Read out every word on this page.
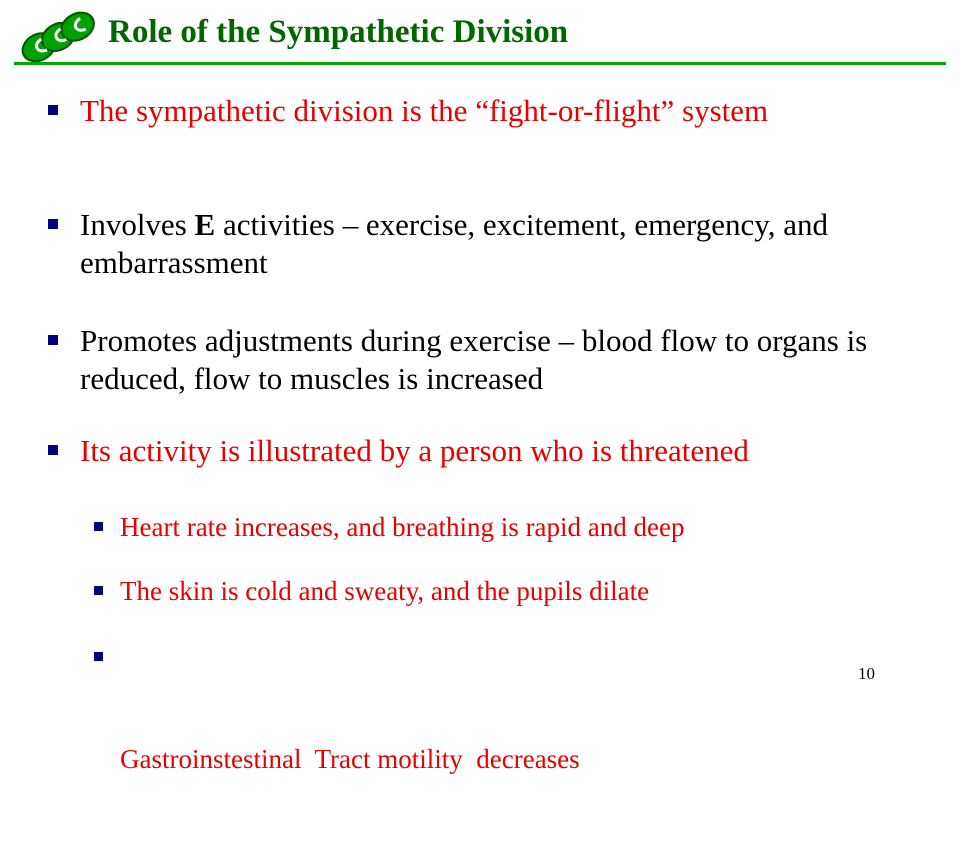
Role of the Sympathetic Division
The sympathetic division is the “fight-or-flight” system
Involves E activities – exercise, excitement, emergency, and embarrassment
Promotes adjustments during exercise – blood flow to organs is reduced, flow to muscles is increased
Its activity is illustrated by a person who is threatened
Heart rate increases, and breathing is rapid and deep
The skin is cold and sweaty, and the pupils dilate

Gastroinstestinal  Tract motility  decreases

10
